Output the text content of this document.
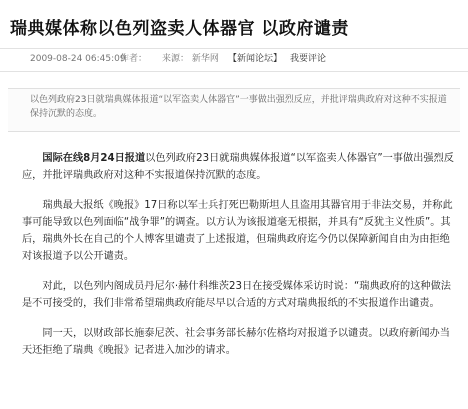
瑞典媒体称以色列盗卖人体器官 以政府谴责
2009-08-24 06:45:09
作者： 来源： 新华网 【新闻论坛】 我要评论
以色列政府23日就瑞典媒体报道“以军盗卖人体器官”一事做出强烈反应，并批评瑞典政府对这种不实报道保持沉默的态度。

国际在线8月24日报道以色列政府23日就瑞典媒体报道“以军盗卖人体器官”一事做出强烈反应，并批评瑞典政府对这种不实报道保持沉默的态度。

瑞典最大报纸《晚报》17日称以军士兵打死巴勒斯坦人且盗用其器官用于非法交易，并称此事可能导致以色列面临“战争罪”的调查。以方认为该报道毫无根据，并具有“反犹主义性质”。其后，瑞典外长在自己的个人博客里谴责了上述报道，但瑞典政府迄今仍以保障新闻自由为由拒绝对该报道予以公开谴责。

对此，以色列内阁成员丹尼尔·赫什科维茨23日在接受媒体采访时说：“瑞典政府的这种做法是不可接受的，我们非常希望瑞典政府能尽早以合适的方式对瑞典报纸的不实报道作出谴责。

同一天，以财政部长施泰尼茨、社会事务部长赫尔佐格均对报道予以谴责。以政府新闻办当天还拒绝了瑞典《晚报》记者进入加沙的请求。
